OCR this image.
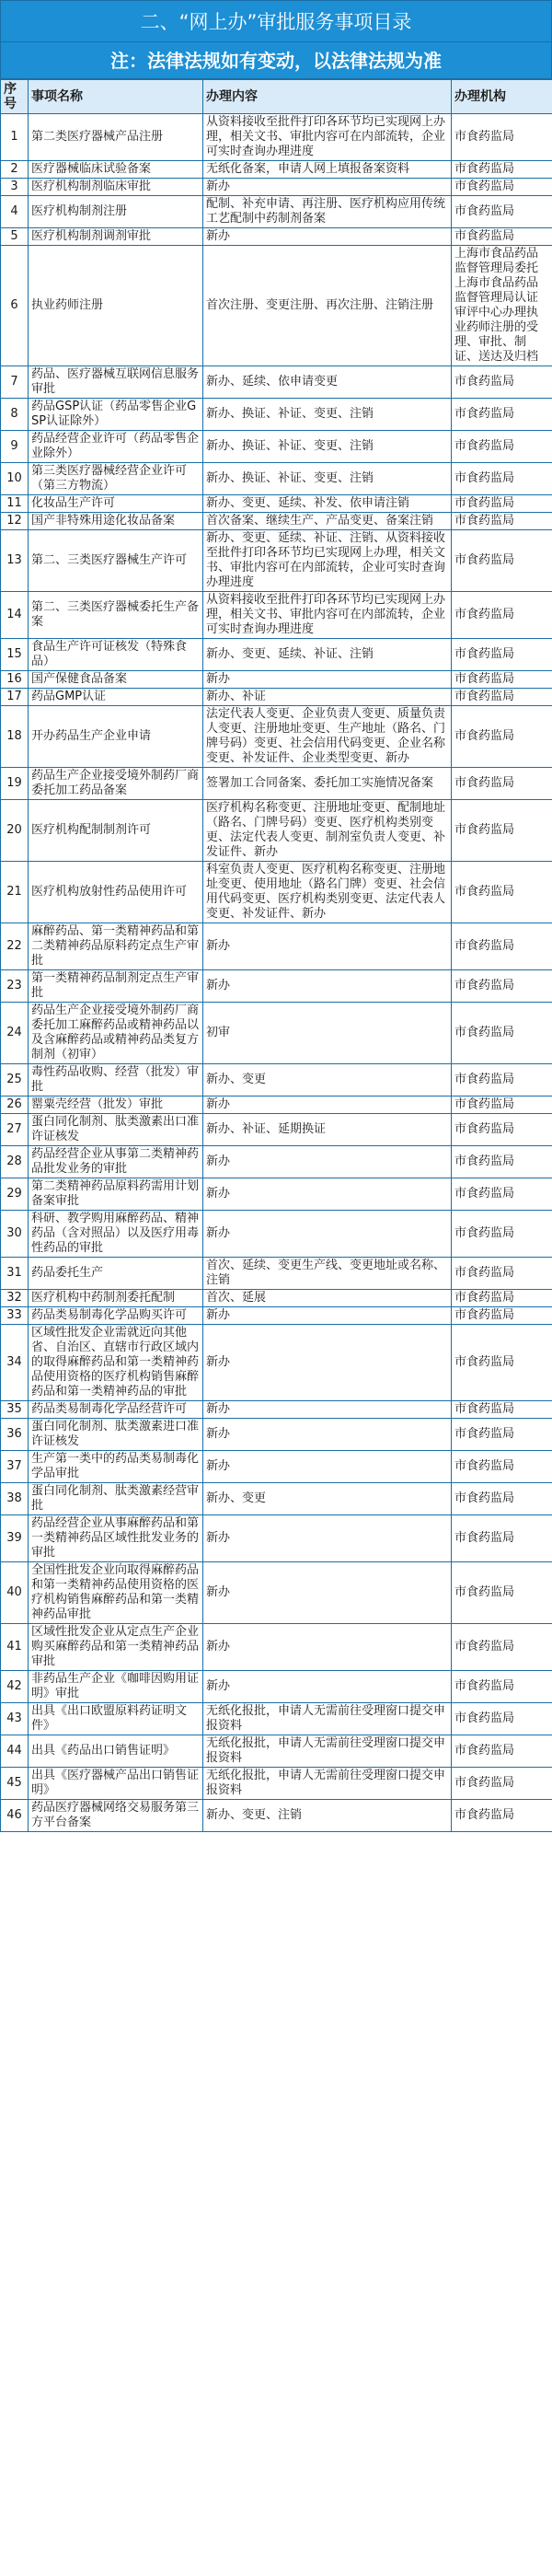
二、“网上办”审批服务事项目录
注：法律法规如有变动，以法律法规为准
序号	事项名称	办理内容	办理机构
1	第二类医疗器械产品注册	从资料接收至批件打印各环节均已实现网上办理，相关文书、审批内容可在内部流转，企业可实时查询办理进度	市食药监局
2	医疗器械临床试验备案	无纸化备案，申请人网上填报备案资料	市食药监局
3	医疗机构制剂临床审批	新办	市食药监局
4	医疗机构制剂注册	配制、补充申请、再注册、医疗机构应用传统工艺配制中药制剂备案	市食药监局
5	医疗机构制剂调剂审批	新办	市食药监局
6	执业药师注册	首次注册、变更注册、再次注册、注销注册	上海市食品药品监督管理局委托上海市食品药品监督管理局认证审评中心办理执业药师注册的受理、审批、制证、送达及归档
7	药品、医疗器械互联网信息服务审批	新办、延续、依申请变更	市食药监局
8	药品GSP认证（药品零售企业GSP认证除外）	新办、换证、补证、变更、注销	市食药监局
9	药品经营企业许可（药品零售企业除外）	新办、换证、补证、变更、注销	市食药监局
10	第三类医疗器械经营企业许可（第三方物流）	新办、换证、补证、变更、注销	市食药监局
11	化妆品生产许可	新办、变更、延续、补发、依申请注销	市食药监局
12	国产非特殊用途化妆品备案	首次备案、继续生产、产品变更、备案注销	市食药监局
13	第二、三类医疗器械生产许可	新办、变更、延续、补证、注销、从资料接收至批件打印各环节均已实现网上办理，相关文书、审批内容可在内部流转，企业可实时查询办理进度	市食药监局
14	第二、三类医疗器械委托生产备案	从资料接收至批件打印各环节均已实现网上办理，相关文书、审批内容可在内部流转，企业可实时查询办理进度	市食药监局
15	食品生产许可证核发（特殊食品）	新办、变更、延续、补证、注销	市食药监局
16	国产保健食品备案	新办	市食药监局
17	药品GMP认证	新办、补证	市食药监局
18	开办药品生产企业申请	法定代表人变更、企业负责人变更、质量负责人变更、注册地址变更、生产地址（路名、门牌号码）变更、社会信用代码变更、企业名称变更、补发证件、企业类型变更、新办	市食药监局
19	药品生产企业接受境外制药厂商委托加工药品备案	签署加工合同备案、委托加工实施情况备案	市食药监局
20	医疗机构配制制剂许可	医疗机构名称变更、注册地址变更、配制地址（路名、门牌号码）变更、医疗机构类别变更、法定代表人变更、制剂室负责人变更、补发证件、新办	市食药监局
21	医疗机构放射性药品使用许可	科室负责人变更、医疗机构名称变更、注册地址变更、使用地址（路名门牌）变更、社会信用代码变更、医疗机构类别变更、法定代表人变更、补发证件、新办	市食药监局
22	麻醉药品、第一类精神药品和第二类精神药品原料药定点生产审批	新办	市食药监局
23	第一类精神药品制剂定点生产审批	新办	市食药监局
24	药品生产企业接受境外制药厂商委托加工麻醉药品或精神药品以及含麻醉药品或精神药品类复方制剂（初审）	初审	市食药监局
25	毒性药品收购、经营（批发）审批	新办、变更	市食药监局
26	罂粟壳经营（批发）审批	新办	市食药监局
27	蛋白同化制剂、肽类激素出口准许证核发	新办、补证、延期换证	市食药监局
28	药品经营企业从事第二类精神药品批发业务的审批	新办	市食药监局
29	第二类精神药品原料药需用计划备案审批	新办	市食药监局
30	科研、教学购用麻醉药品、精神药品（含对照品）以及医疗用毒性药品的审批	新办	市食药监局
31	药品委托生产	首次、延续、变更生产线、变更地址或名称、注销	市食药监局
32	医疗机构中药制剂委托配制	首次、延展	市食药监局
33	药品类易制毒化学品购买许可	新办	市食药监局
34	区域性批发企业需就近向其他省、自治区、直辖市行政区域内的取得麻醉药品和第一类精神药品使用资格的医疗机构销售麻醉药品和第一类精神药品的审批	新办	市食药监局
35	药品类易制毒化学品经营许可	新办	市食药监局
36	蛋白同化制剂、肽类激素进口准许证核发	新办	市食药监局
37	生产第一类中的药品类易制毒化学品审批	新办	市食药监局
38	蛋白同化制剂、肽类激素经营审批	新办、变更	市食药监局
39	药品经营企业从事麻醉药品和第一类精神药品区域性批发业务的审批	新办	市食药监局
40	全国性批发企业向取得麻醉药品和第一类精神药品使用资格的医疗机构销售麻醉药品和第一类精神药品审批	新办	市食药监局
41	区域性批发企业从定点生产企业购买麻醉药品和第一类精神药品审批	新办	市食药监局
42	非药品生产企业《咖啡因购用证明》审批	新办	市食药监局
43	出具《出口欧盟原料药证明文件》	无纸化报批，申请人无需前往受理窗口提交申报资料	市食药监局
44	出具《药品出口销售证明》	无纸化报批，申请人无需前往受理窗口提交申报资料	市食药监局
45	出具《医疗器械产品出口销售证明》	无纸化报批，申请人无需前往受理窗口提交申报资料	市食药监局
46	药品医疗器械网络交易服务第三方平台备案	新办、变更、注销	市食药监局
